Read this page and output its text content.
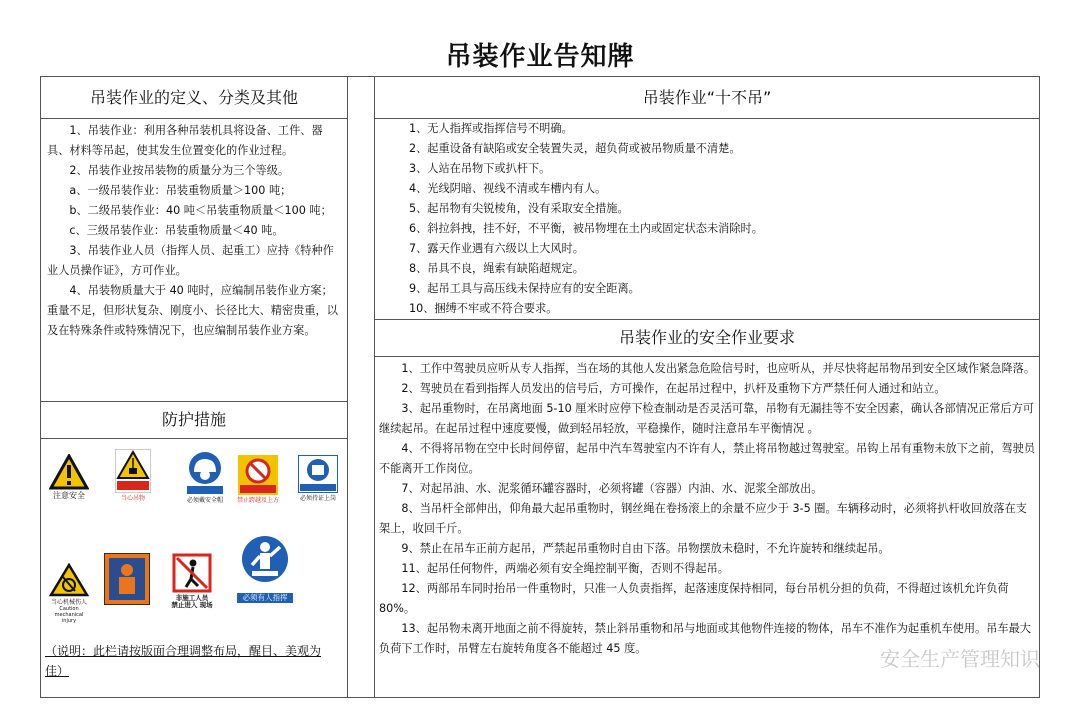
吊装作业告知牌
吊装作业的定义、分类及其他

1、吊装作业：利用各种吊装机具将设备、工件、器具、材料等吊起，使其发生位置变化的作业过程。

2、吊装作业按吊装物的质量分为三个等级。

a、一级吊装作业：吊装重物质量＞100 吨；

b、二级吊装作业：40 吨＜吊装重物质量＜100 吨；

c、三级吊装作业：吊装重物质量＜40 吨。

3、吊装作业人员（指挥人员、起重工）应持《特种作业人员操作证》，方可作业。

4、吊装物质量大于 40 吨时，应编制吊装作业方案；重量不足，但形状复杂、刚度小、长径比大、精密贵重，以及在特殊条件或特殊情况下，也应编制吊装作业方案。

防护措施
注意安全	当心吊物	必须戴安全帽	禁止跨越及上方	必须持证上岗
当心机械伤人
Caution mechanical injury
非施工人员
禁止进入 现场
必须有人指挥
（说明：此栏请按版面合理调整布局，醒目、美观为佳）
吊装作业“十不吊”

1、无人指挥或指挥信号不明确。

2、起重设备有缺陷或安全装置失灵，超负荷或被吊物质量不清楚。

3、人站在吊物下或扒杆下。

4、光线阴暗、视线不清或车槽内有人。

5、起吊物有尖锐棱角，没有采取安全措施。

6、斜拉斜拽，挂不好，不平衡，被吊物埋在土内或固定状态未消除时。

7、露天作业遇有六级以上大风时。

8、吊具不良，绳索有缺陷超规定。

9、起吊工具与高压线未保持应有的安全距离。

10、捆缚不牢或不符合要求。

吊装作业的安全作业要求

1、工作中驾驶员应听从专人指挥，当在场的其他人发出紧急危险信号时，也应听从，并尽快将起吊物吊到安全区域作紧急降落。

2、驾驶员在看到指挥人员发出的信号后，方可操作，在起吊过程中，扒杆及重物下方严禁任何人通过和站立。

3、起吊重物时，在吊离地面 5-10 厘米时应停下检查制动是否灵活可靠，吊物有无漏挂等不安全因素，确认各部情况正常后方可继续起吊。在起吊过程中速度要慢，做到轻吊轻放，平稳操作，随时注意吊车平衡情况 。

4、不得将吊物在空中长时间停留，起吊中汽车驾驶室内不许有人，禁止将吊物越过驾驶室。吊钩上吊有重物未放下之前，驾驶员不能离开工作岗位。

7、对起吊油、水、泥浆循环罐容器时，必须将罐（容器）内油、水、泥浆全部放出。

8、当吊杆全部伸出，仰角最大起吊重物时，钢丝绳在卷扬滚上的余量不应少于 3-5 圈。车辆移动时，必须将扒杆收回放落在支架上，收回千斤。

9、禁止在吊车正前方起吊，严禁起吊重物时自由下落。吊物摆放未稳时，不允许旋转和继续起吊。

11、起吊任何物件，两端必须有安全绳控制平衡，否则不得起吊。

12、两部吊车同时抬吊一件重物时，只准一人负责指挥，起落速度保持相同，每台吊机分担的负荷，不得超过该机允许负荷 80%。

13、起吊物未离开地面之前不得旋转，禁止斜吊重物和吊与地面或其他物件连接的物体，吊车不准作为起重机车使用。吊车最大负荷下工作时，吊臂左右旋转角度各不能超过 45 度。	安全生产管理知识
